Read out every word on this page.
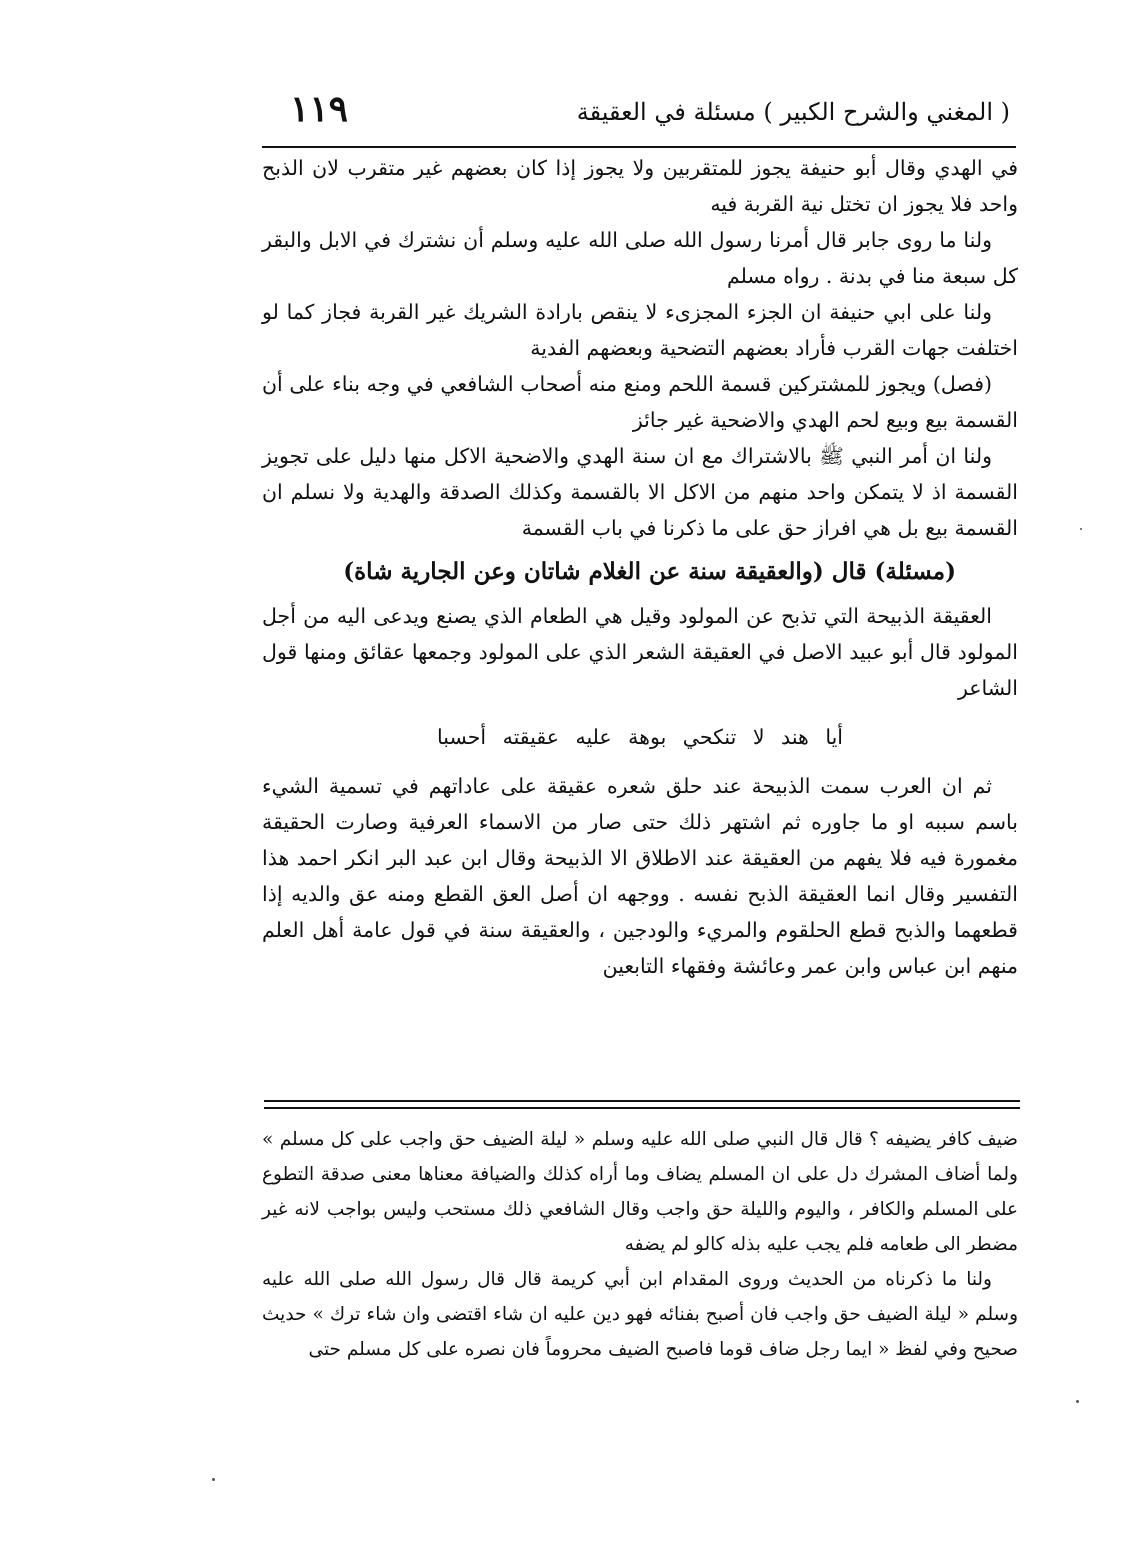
( المغني والشرح الكبير ) مسئلة في العقيقة
١١٩

في الهدي وقال أبو حنيفة يجوز للمتقربين ولا يجوز إذا كان بعضهم غير متقرب لان الذبح واحد فلا يجوز ان تختل نية القربة فيه

ولنا ما روى جابر قال أمرنا رسول الله صلى الله عليه وسلم أن نشترك في الابل والبقر كل سبعة منا في بدنة . رواه مسلم

ولنا على ابي حنيفة ان الجزء المجزىء لا ينقص بارادة الشريك غير القربة فجاز كما لو اختلفت جهات القرب فأراد بعضهم التضحية وبعضهم الفدية

(فصل) ويجوز للمشتركين قسمة اللحم ومنع منه أصحاب الشافعي في وجه بناء على أن القسمة بيع وبيع لحم الهدي والاضحية غير جائز

ولنا ان أمر النبي ﷺ بالاشتراك مع ان سنة الهدي والاضحية الاكل منها دليل على تجويز القسمة اذ لا يتمكن واحد منهم من الاكل الا بالقسمة وكذلك الصدقة والهدية ولا نسلم ان القسمة بيع بل هي افراز حق على ما ذكرنا في باب القسمة

(مسئلة) قال (والعقيقة سنة عن الغلام شاتان وعن الجارية شاة)

العقيقة الذبيحة التي تذبح عن المولود وقيل هي الطعام الذي يصنع ويدعى اليه من أجل المولود قال أبو عبيد الاصل في العقيقة الشعر الذي على المولود وجمعها عقائق ومنها قول الشاعر

أيا هند لا تنكحي بوهة عليه عقيقته أحسبا

ثم ان العرب سمت الذبيحة عند حلق شعره عقيقة على عاداتهم في تسمية الشيء باسم سببه او ما جاوره ثم اشتهر ذلك حتى صار من الاسماء العرفية وصارت الحقيقة مغمورة فيه فلا يفهم من العقيقة عند الاطلاق الا الذبيحة وقال ابن عبد البر انكر احمد هذا التفسير وقال انما العقيقة الذبح نفسه . ووجهه ان أصل العق القطع ومنه عق والديه إذا قطعهما والذبح قطع الحلقوم والمريء والودجين ، والعقيقة سنة في قول عامة أهل العلم منهم ابن عباس وابن عمر وعائشة وفقهاء التابعين

ضيف كافر يضيفه ؟ قال قال النبي صلى الله عليه وسلم « ليلة الضيف حق واجب على كل مسلم » ولما أضاف المشرك دل على ان المسلم يضاف وما أراه كذلك والضيافة معناها معنى صدقة التطوع على المسلم والكافر ، واليوم والليلة حق واجب وقال الشافعي ذلك مستحب وليس بواجب لانه غير مضطر الى طعامه فلم يجب عليه بذله كالو لم يضفه

ولنا ما ذكرناه من الحديث وروى المقدام ابن أبي كريمة قال قال رسول الله صلى الله عليه وسلم « ليلة الضيف حق واجب فان أصبح بفنائه فهو دين عليه ان شاء اقتضى وان شاء ترك » حديث صحيح وفي لفظ « ايما رجل ضاف قوما فاصبح الضيف محروماً فان نصره على كل مسلم حتى
